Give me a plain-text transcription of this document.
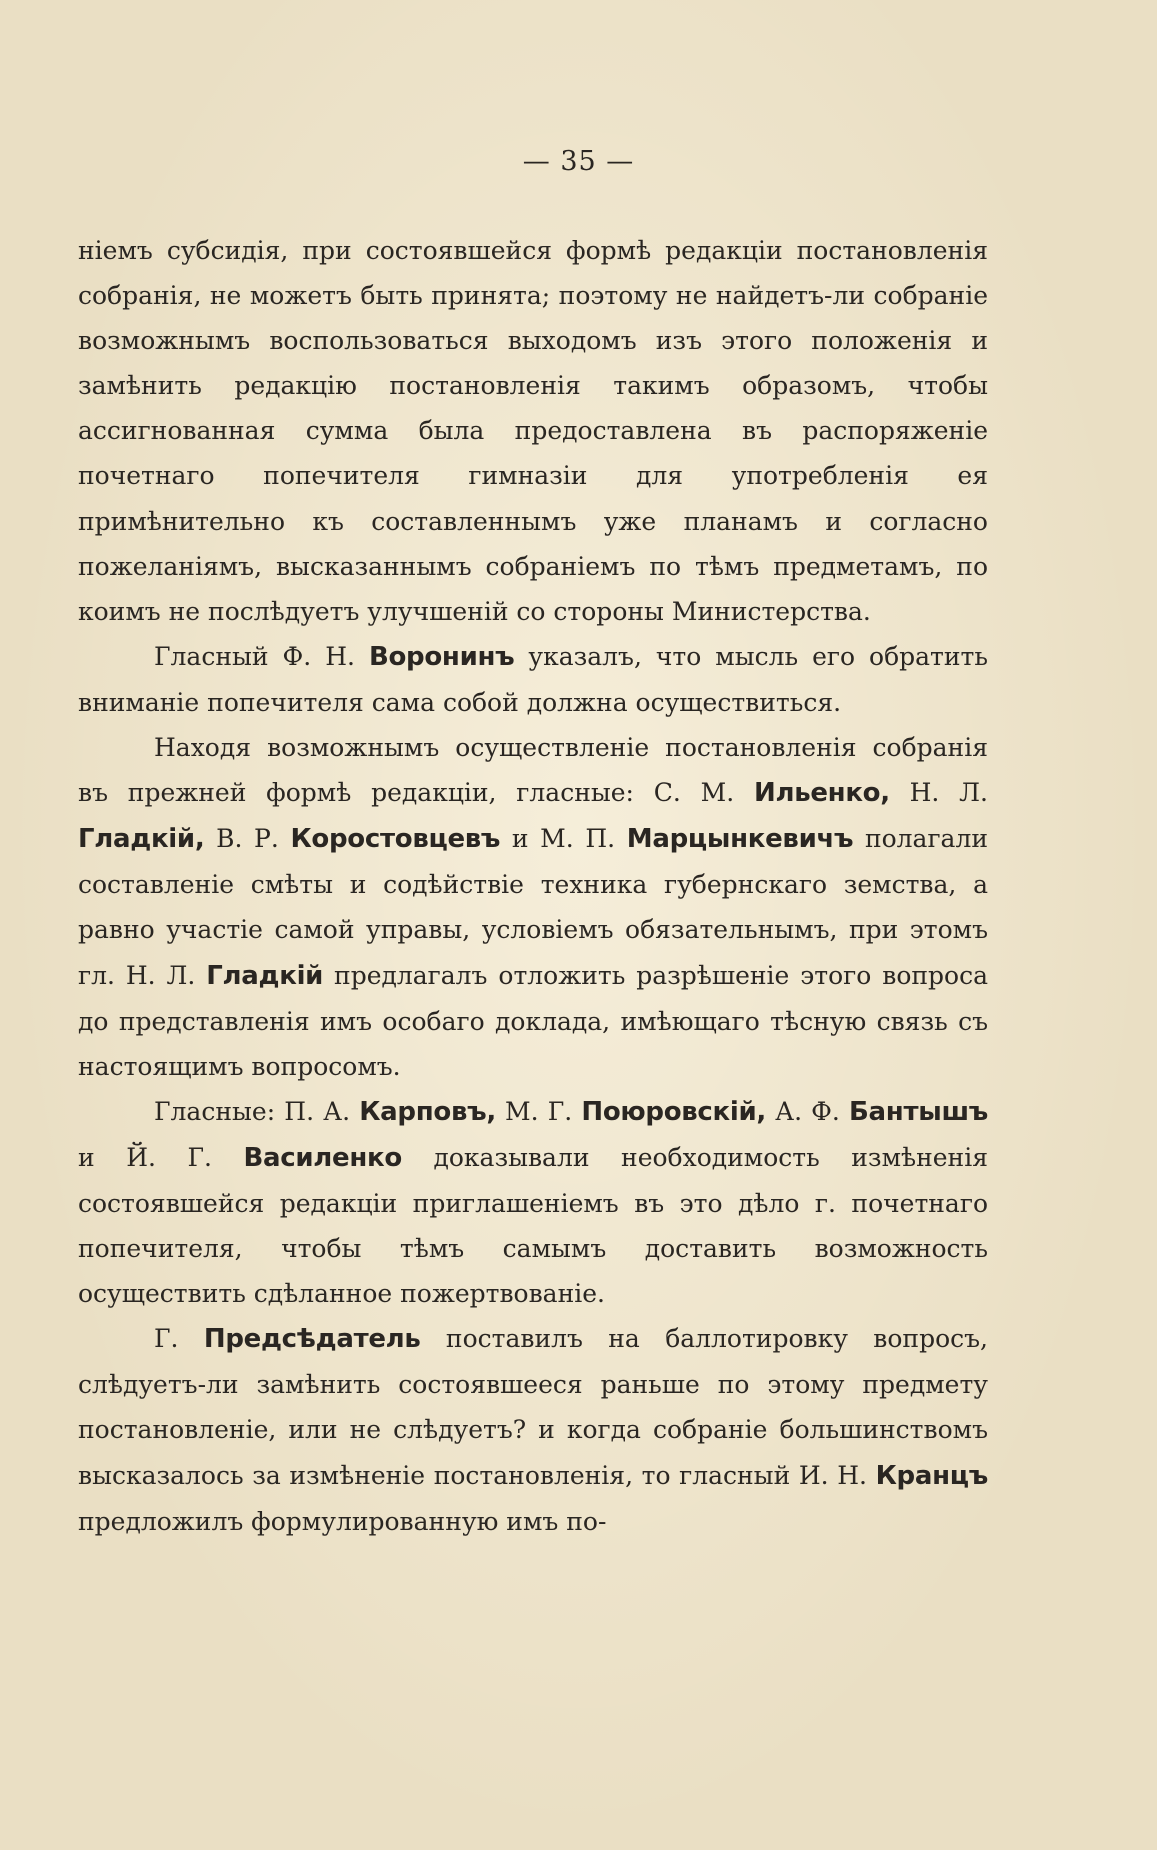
— 35 —

ніемъ субсидія, при состоявшейся формѣ редакціи постановленія собранія, не можетъ быть принята; поэтому не найдетъ-ли собраніе возможнымъ воспользоваться выходомъ изъ этого положенія и замѣнить редакцію постановленія такимъ образомъ, чтобы ассигнованная сумма была предоставлена въ распоряженіе почетнаго попечителя гимназіи для употребленія ея примѣнительно къ составленнымъ уже планамъ и согласно пожеланіямъ, высказаннымъ собраніемъ по тѣмъ предметамъ, по коимъ не послѣдуетъ улучшеній со стороны Министерства.

Гласный Ф. Н. Воронинъ указалъ, что мысль его обратить вниманіе попечителя сама собой должна осуществиться.

Находя возможнымъ осуществленіе постановленія собранія въ прежней формѣ редакціи, гласные: С. М. Ильенко, Н. Л. Гладкій, В. Р. Коростовцевъ и М. П. Марцынкевичъ полагали составленіе смѣты и содѣйствіе техника губернскаго земства, а равно участіе самой управы, условіемъ обязательнымъ, при этомъ гл. Н. Л. Гладкій предлагалъ отложить разрѣшеніе этого вопроса до представленія имъ особаго доклада, имѣющаго тѣсную связь съ настоящимъ вопросомъ.

Гласные: П. А. Карповъ, М. Г. Поюровскій, А. Ф. Бантышъ и Й. Г. Василенко доказывали необходимость измѣненія состоявшейся редакціи приглашеніемъ въ это дѣло г. почетнаго попечителя, чтобы тѣмъ самымъ доставить возможность осуществить сдѣланное пожертвованіе.

Г. Предсѣдатель поставилъ на баллотировку вопросъ, слѣдуетъ-ли замѣнить состоявшееся раньше по этому предмету постановленіе, или не слѣдуетъ? и когда собраніе большинствомъ высказалось за измѣненіе постановленія, то гласный И. Н. Кранцъ предложилъ формулированную имъ по-
